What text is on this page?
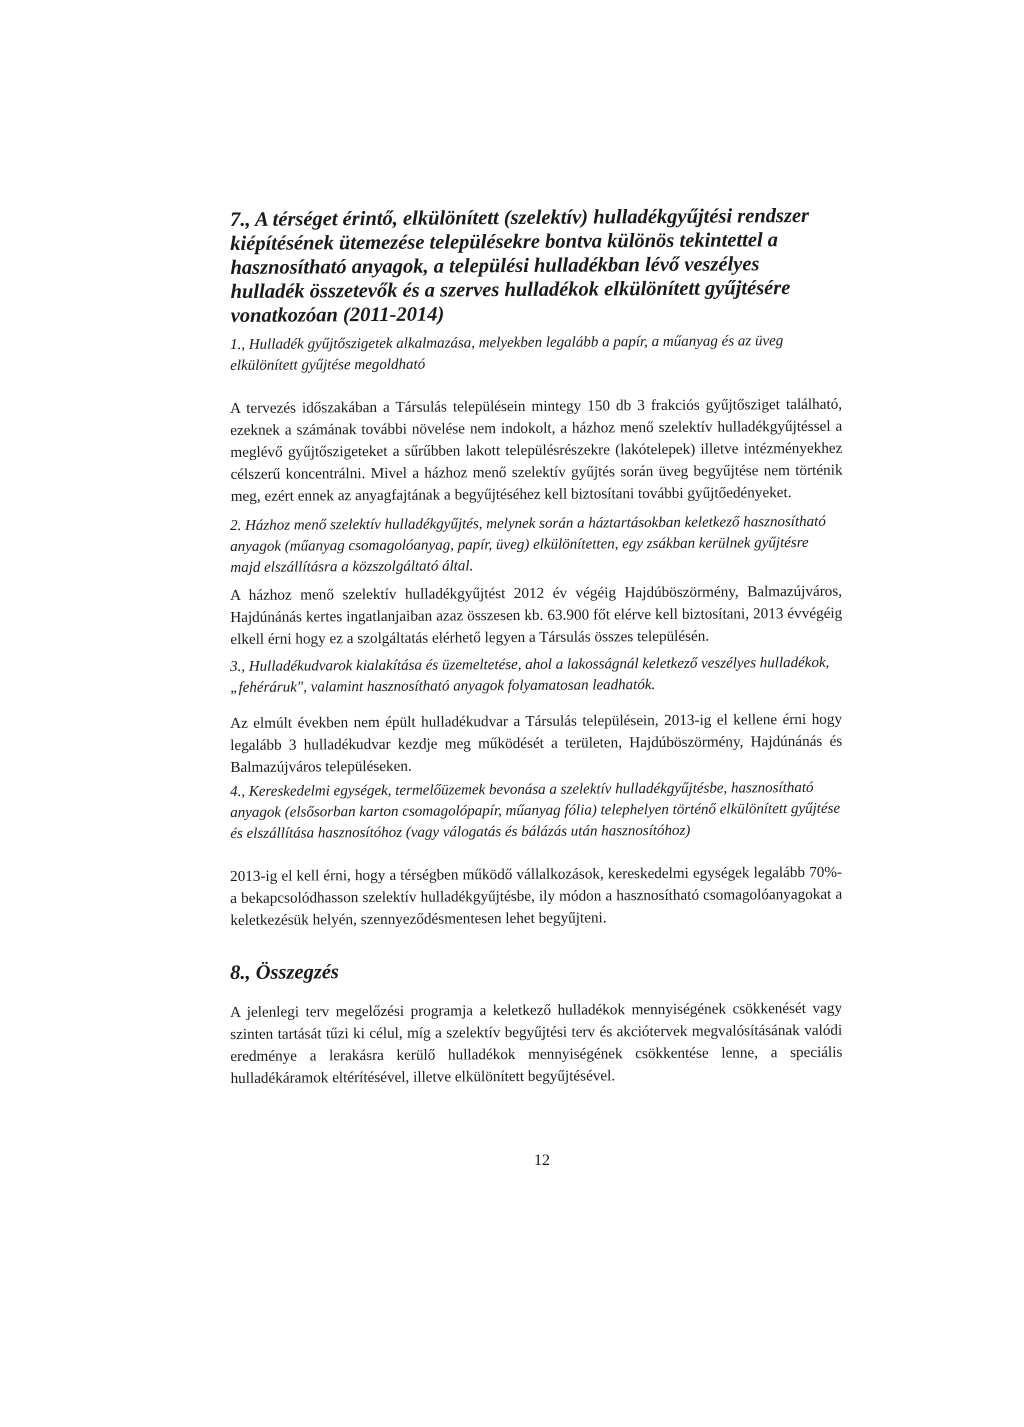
7., A térséget érintő, elkülönített (szelektív) hulladékgyűjtési rendszer kiépítésének ütemezése településekre bontva különös tekintettel a hasznosítható anyagok, a települési hulladékban lévő veszélyes hulladék összetevők és a szerves hulladékok elkülönített gyűjtésére vonatkozóan (2011-2014)

1., Hulladék gyűjtőszigetek alkalmazása, melyekben legalább a papír, a műanyag és az üveg elkülönített gyűjtése megoldható

A tervezés időszakában a Társulás településein mintegy 150 db 3 frakciós gyűjtősziget található, ezeknek a számának további növelése nem indokolt, a házhoz menő szelektív hulladékgyűjtéssel a meglévő gyűjtőszigeteket a sűrűbben lakott településrészekre (lakótelepek) illetve intézményekhez célszerű koncentrálni. Mivel a házhoz menő szelektív gyűjtés során üveg begyűjtése nem történik meg, ezért ennek az anyagfajtának a begyűjtéséhez kell biztosítani további gyűjtőedényeket.

2. Házhoz menő szelektív hulladékgyűjtés, melynek során a háztartásokban keletkező hasznosítható anyagok (műanyag csomagolóanyag, papír, üveg) elkülönítetten, egy zsákban kerülnek gyűjtésre majd elszállításra a közszolgáltató által.

A házhoz menő szelektív hulladékgyűjtést 2012 év végéig Hajdúböszörmény, Balmazújváros, Hajdúnánás kertes ingatlanjaiban azaz összesen kb. 63.900 főt elérve kell biztosítani, 2013 évvégéig elkell érni hogy ez a szolgáltatás elérhető legyen a Társulás összes településén.

3., Hulladékudvarok kialakítása és üzemeltetése, ahol a lakosságnál keletkező veszélyes hulladékok, „fehéráruk", valamint hasznosítható anyagok folyamatosan leadhatók.

Az elmúlt években nem épült hulladékudvar a Társulás településein, 2013-ig el kellene érni hogy legalább 3 hulladékudvar kezdje meg működését a területen, Hajdúböszörmény, Hajdúnánás és Balmazújváros településeken.

4., Kereskedelmi egységek, termelőüzemek bevonása a szelektív hulladékgyűjtésbe, hasznosítható anyagok (elsősorban karton csomagolópapír, műanyag fólia) telephelyen történő elkülönített gyűjtése és elszállítása hasznosítóhoz (vagy válogatás és bálázás után hasznosítóhoz)

2013-ig el kell érni, hogy a térségben működő vállalkozások, kereskedelmi egységek legalább 70%-a bekapcsolódhasson szelektív hulladékgyűjtésbe, ily módon a hasznosítható csomagolóanyagokat a keletkezésük helyén, szennyeződésmentesen lehet begyűjteni.

8., Összegzés

A jelenlegi terv megelőzési programja a keletkező hulladékok mennyiségének csökkenését vagy szinten tartását tűzi ki célul, míg a szelektív begyűjtési terv és akciótervek megvalósításának valódi eredménye a lerakásra kerülő hulladékok mennyiségének csökkentése lenne, a speciális hulladékáramok eltérítésével, illetve elkülönített begyűjtésével.

12
